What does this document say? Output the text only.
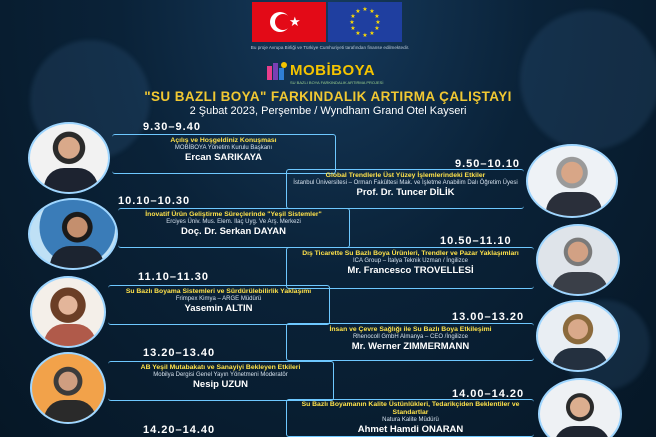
★
★ ★
★
★
★
★
★
★
★
★
★
★
Bu proje Avrupa Birliği ve Türkiye Cumhuriyeti tarafından finanse edilmektedir.
MOBİBOYA
SU BAZLI BOYA FARKINDALIK ARTIRMA PROJESİ
"SU BAZLI BOYA" FARKINDALIK ARTIRMA ÇALIŞTAYI
2 Şubat 2023, Perşembe / Wyndham Grand Otel Kayseri
9.30–9.40
Açılış ve Hoşgeldiniz Konuşması
MOBİBOYA Yönetim Kurulu Başkanı
Ercan SARIKAYA
9.50–10.10
Global Trendlerle Üst Yüzey İşlemlerindeki Etkiler
İstanbul Üniversitesi – Orman Fakültesi Mak. ve İşletme Anabilim Dalı Öğretim Üyesi
Prof. Dr. Tuncer DİLİK
10.10–10.30
İnovatif Ürün Geliştirme Süreçlerinde "Yeşil Sistemler"
Erciyes Üniv. Mus. Elem. Ilaç Uyg. Ve Arş. Merkezi
Doç. Dr. Serkan DAYAN
10.50–11.10
Dış Ticarette Su Bazlı Boya Ürünleri, Trendler ve Pazar Yaklaşımları
ICA Group – İtalya Teknik Uzman / İngilizce
Mr. Francesco TROVELLESİ
11.10–11.30
Su Bazlı Boyama Sistemleri ve Sürdürülebilirlik Yaklaşımı
Frimpex Kimya – ARGE Müdürü
Yasemin ALTIN
13.00–13.20
İnsan ve Çevre Sağlığı ile Su Bazlı Boya Etkileşimi
Rhenocoll GmbH Almanya – CEO /İngilizce
Mr. Werner ZIMMERMANN
13.20–13.40
AB Yeşil Mutabakatı ve Sanayiyi Bekleyen Etkileri
Mobilya Dergisi Genel Yayın Yönetmeni Moderatör
Nesip UZUN
14.00–14.20
Su Bazlı Boyamanın Kalite Üstünlükleri, Tedarikçiden Beklentiler ve Standartlar
Natura Kalite Müdürü
Ahmet Hamdi ONARAN
14.20–14.40
